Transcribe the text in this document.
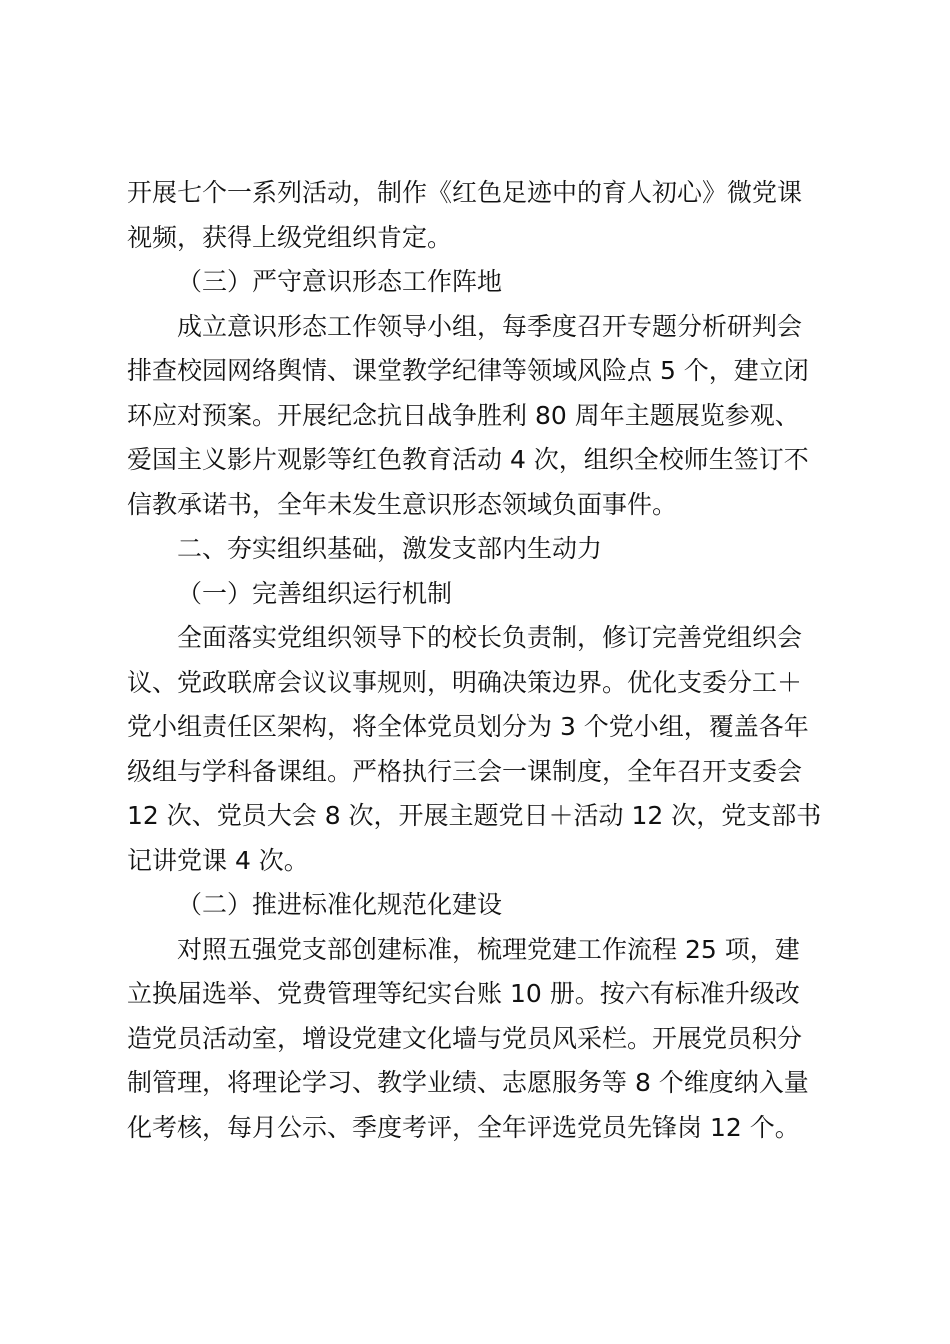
开展七个一系列活动，制作《红色足迹中的育人初心》微党课
视频，获得上级党组织肯定。
（三）严守意识形态工作阵地
成立意识形态工作领导小组，每季度召开专题分析研判会
排查校园网络舆情、课堂教学纪律等领域风险点 5 个，建立闭
环应对预案。开展纪念抗日战争胜利 80 周年主题展览参观、
爱国主义影片观影等红色教育活动 4 次，组织全校师生签订不
信教承诺书，全年未发生意识形态领域负面事件。
二、夯实组织基础，激发支部内生动力
（一）完善组织运行机制
全面落实党组织领导下的校长负责制，修订完善党组织会
议、党政联席会议议事规则，明确决策边界。优化支委分工＋
党小组责任区架构，将全体党员划分为 3 个党小组，覆盖各年
级组与学科备课组。严格执行三会一课制度，全年召开支委会
12 次、党员大会 8 次，开展主题党日＋活动 12 次，党支部书
记讲党课 4 次。
（二）推进标准化规范化建设
对照五强党支部创建标准，梳理党建工作流程 25 项，建
立换届选举、党费管理等纪实台账 10 册。按六有标准升级改
造党员活动室，增设党建文化墙与党员风采栏。开展党员积分
制管理，将理论学习、教学业绩、志愿服务等 8 个维度纳入量
化考核，每月公示、季度考评，全年评选党员先锋岗 12 个。
